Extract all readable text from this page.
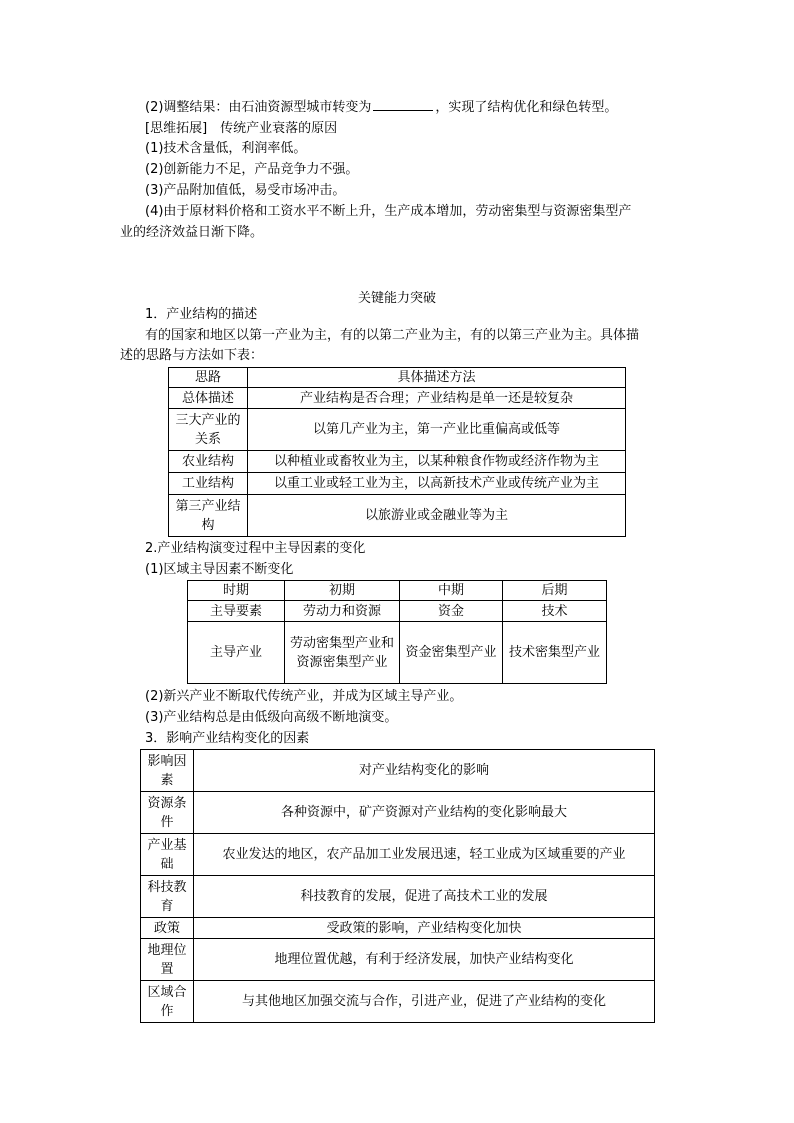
(2)调整结果：由石油资源型城市转变为	，实现了结构优化和绿色转型。
[思维拓展]　传统产业衰落的原因
(1)技术含量低，利润率低。
(2)创新能力不足，产品竞争力不强。
(3)产品附加值低，易受市场冲击。
(4)由于原材料价格和工资水平不断上升，生产成本增加，劳动密集型与资源密集型产
业的经济效益日渐下降。
关键能力突破
1．产业结构的描述
有的国家和地区以第一产业为主，有的以第二产业为主，有的以第三产业为主。具体描
述的思路与方法如下表：
思路	具体描述方法
总体描述	产业结构是否合理；产业结构是单一还是较复杂
三大产业的关系	以第几产业为主，第一产业比重偏高或低等
农业结构	以种植业或畜牧业为主，以某种粮食作物或经济作物为主
工业结构	以重工业或轻工业为主，以高新技术产业或传统产业为主
第三产业结构	以旅游业或金融业等为主
2.产业结构演变过程中主导因素的变化
(1)区域主导因素不断变化
时期	初期	中期	后期
主导要素	劳动力和资源	资金	技术
主导产业	劳动密集型产业和资源密集型产业	资金密集型产业	技术密集型产业
(2)新兴产业不断取代传统产业，并成为区域主导产业。
(3)产业结构总是由低级向高级不断地演变。
3．影响产业结构变化的因素
影响因素	对产业结构变化的影响
资源条件	各种资源中，矿产资源对产业结构的变化影响最大
产业基础	农业发达的地区，农产品加工业发展迅速，轻工业成为区域重要的产业
科技教育	科技教育的发展，促进了高技术工业的发展
政策	受政策的影响，产业结构变化加快
地理位置	地理位置优越，有利于经济发展，加快产业结构变化
区域合作	与其他地区加强交流与合作，引进产业，促进了产业结构的变化
